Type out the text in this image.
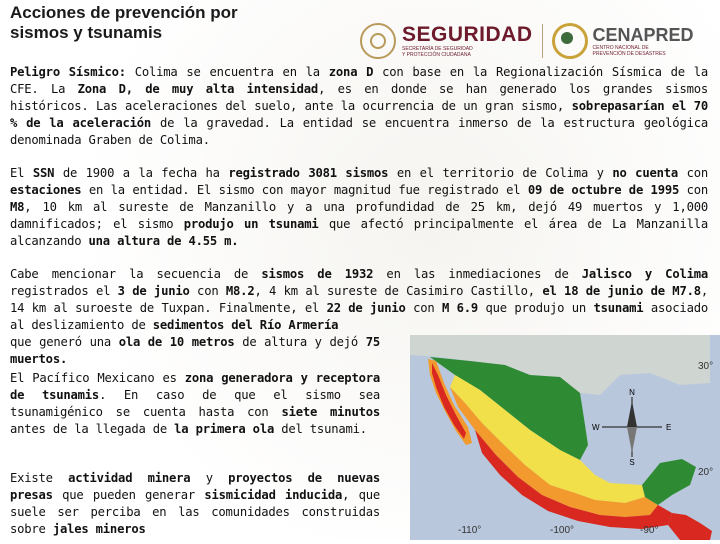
Acciones de prevención por
sismos y tsunamis	SEGURIDAD
SECRETARÍA DE SEGURIDAD
Y PROTECCIÓN CIUDADANA
CENAPRED
CENTRO NACIONAL DE
PREVENCIÓN DE DESASTRES
Peligro Sísmico: Colima se encuentra en la zona D con base en la Regionalización Sísmica de la CFE. La Zona D, de muy alta intensidad, es en donde se han generado los grandes sismos históricos. Las aceleraciones del suelo, ante la ocurrencia de un gran sismo, sobrepasarían el 70 % de la aceleración de la gravedad. La entidad se encuentra inmerso de la estructura geológica denominada Graben de Colima.
El SSN de 1900 a la fecha ha registrado 3081 sismos en el territorio de Colima y no cuenta con estaciones en la entidad. El sismo con mayor magnitud fue registrado el 09 de octubre de 1995 con M8, 10 km al sureste de Manzanillo y a una profundidad de 25 km, dejó 49 muertos y 1,000 damnificados; el sismo produjo un tsunami que afectó principalmente el área de La Manzanilla alcanzando una altura de 4.55 m.
Cabe mencionar la secuencia de sismos de 1932 en las inmediaciones de Jalisco y Colima registrados el 3 de junio con M8.2, 4 km al sureste de Casimiro Castillo, el 18 de junio de M7.8, 14 km al suroeste de Tuxpan. Finalmente, el 22 de junio con M 6.9 que produjo un tsunami asociado al deslizamiento de sedimentos del Río Armería
que generó una ola de 10 metros de altura y dejó 75 muertos.
El Pacífico Mexicano es zona generadora y receptora de tsunamis. En caso de que el sismo sea tsunamigénico se cuenta hasta con siete minutos antes de la llegada de la primera ola del tsunami.
Existe actividad minera y proyectos de nuevas presas que pueden generar sismicidad inducida, que suele ser perciba en las comunidades construidas sobre jales mineros
N
S
E
W
30°
20°
-110°	-100°	-90°
